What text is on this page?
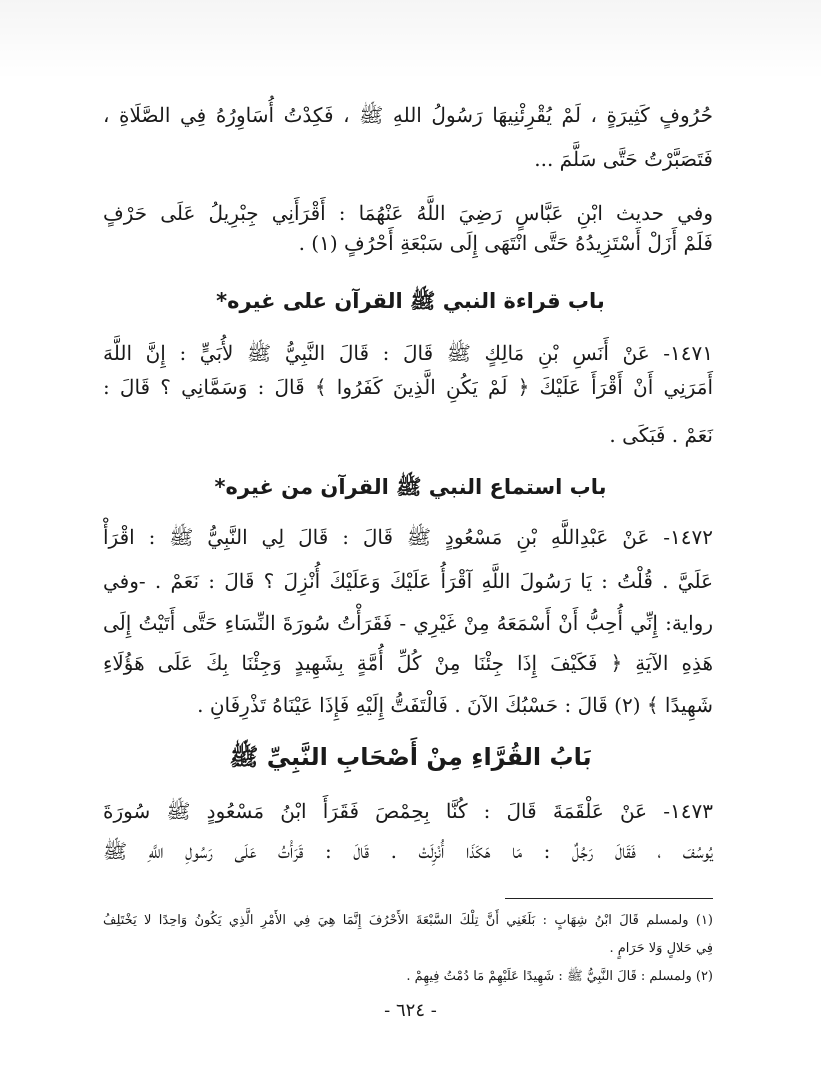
حُرُوفٍ كَثِيرَةٍ ، لَمْ يُقْرِئْنِيهَا رَسُولُ اللهِ ﷺ ، فَكِدْتُ أُسَاوِرُهُ فِي الصَّلَاةِ ،
فَتَصَبَّرْتُ حَتَّى سَلَّمَ ...
وفي حديث ابْنِ عَبَّاسٍ رَضِيَ اللَّهُ عَنْهُمَا : أَقْرَأَنِي جِبْرِيلُ عَلَى حَرْفٍ
فَلَمْ أَزَلْ أَسْتَزِيدُهُ حَتَّى انْتَهَى إِلَى سَبْعَةِ أَحْرُفٍ (١) .
باب قراءة النبي ﷺ القرآن على غيره*
١٤٧١- عَنْ أَنَسِ بْنِ مَالِكٍ ﷺ قَالَ : قَالَ النَّبِيُّ ﷺ لأُبَيٍّ : إِنَّ اللَّهَ
أَمَرَنِي أَنْ أَقْرَأَ عَلَيْكَ ﴿ لَمْ يَكُنِ الَّذِينَ كَفَرُوا ﴾ قَالَ : وَسَمَّانِي ؟ قَالَ :
نَعَمْ . فَبَكَى .
باب استماع النبي ﷺ القرآن من غيره*
١٤٧٢- عَنْ عَبْدِاللَّهِ بْنِ مَسْعُودٍ ﷺ قَالَ : قَالَ لِي النَّبِيُّ ﷺ : اقْرَأْ
عَلَيَّ . قُلْتُ : يَا رَسُولَ اللَّهِ آقْرَأُ عَلَيْكَ وَعَلَيْكَ أُنْزِلَ ؟ قَالَ : نَعَمْ . -وفي
رواية: إِنِّي أُحِبُّ أَنْ أَسْمَعَهُ مِنْ غَيْرِي - فَقَرَأْتُ سُورَةَ النِّسَاءِ حَتَّى أَتَيْتُ إِلَى
هَذِهِ الآيَةِ ﴿ فَكَيْفَ إِذَا جِئْنَا مِنْ كُلِّ أُمَّةٍ بِشَهِيدٍ وَجِئْنَا بِكَ عَلَى هَؤُلَاءِ
شَهِيدًا ﴾ (٢) قَالَ : حَسْبُكَ الآنَ . فَالْتَفَتُّ إِلَيْهِ فَإِذَا عَيْنَاهُ تَذْرِفَانِ .
بَابُ القُرَّاءِ مِنْ أَصْحَابِ النَّبِيِّ ﷺ
١٤٧٣- عَنْ عَلْقَمَةَ قَالَ : كُنَّا بِحِمْصَ فَقَرَأَ ابْنُ مَسْعُودٍ ﷺ سُورَةَ
يُوسُفَ ، فَقَالَ رَجُلٌ : مَا هَكَذَا أُنْزِلَتْ . قَالَ : قَرَأْتُ عَلَى رَسُولِ اللَّهِ ﷺ
(١) ولمسلم قَالَ ابْنُ شِهَابٍ : بَلَغَنِي أَنَّ تِلْكَ السَّبْعَةَ الأَحْرُفَ إِنَّمَا هِيَ فِي الأَمْرِ الَّذِي يَكُونُ وَاحِدًا لا يَخْتَلِفُ
فِي حَلالٍ وَلا حَرَامٍ .
(٢) ولمسلم : قَالَ النَّبِيُّ ﷺ : شَهِيدًا عَلَيْهِمْ مَا دُمْتُ فِيهِمْ .
- ٦٢٤ -
